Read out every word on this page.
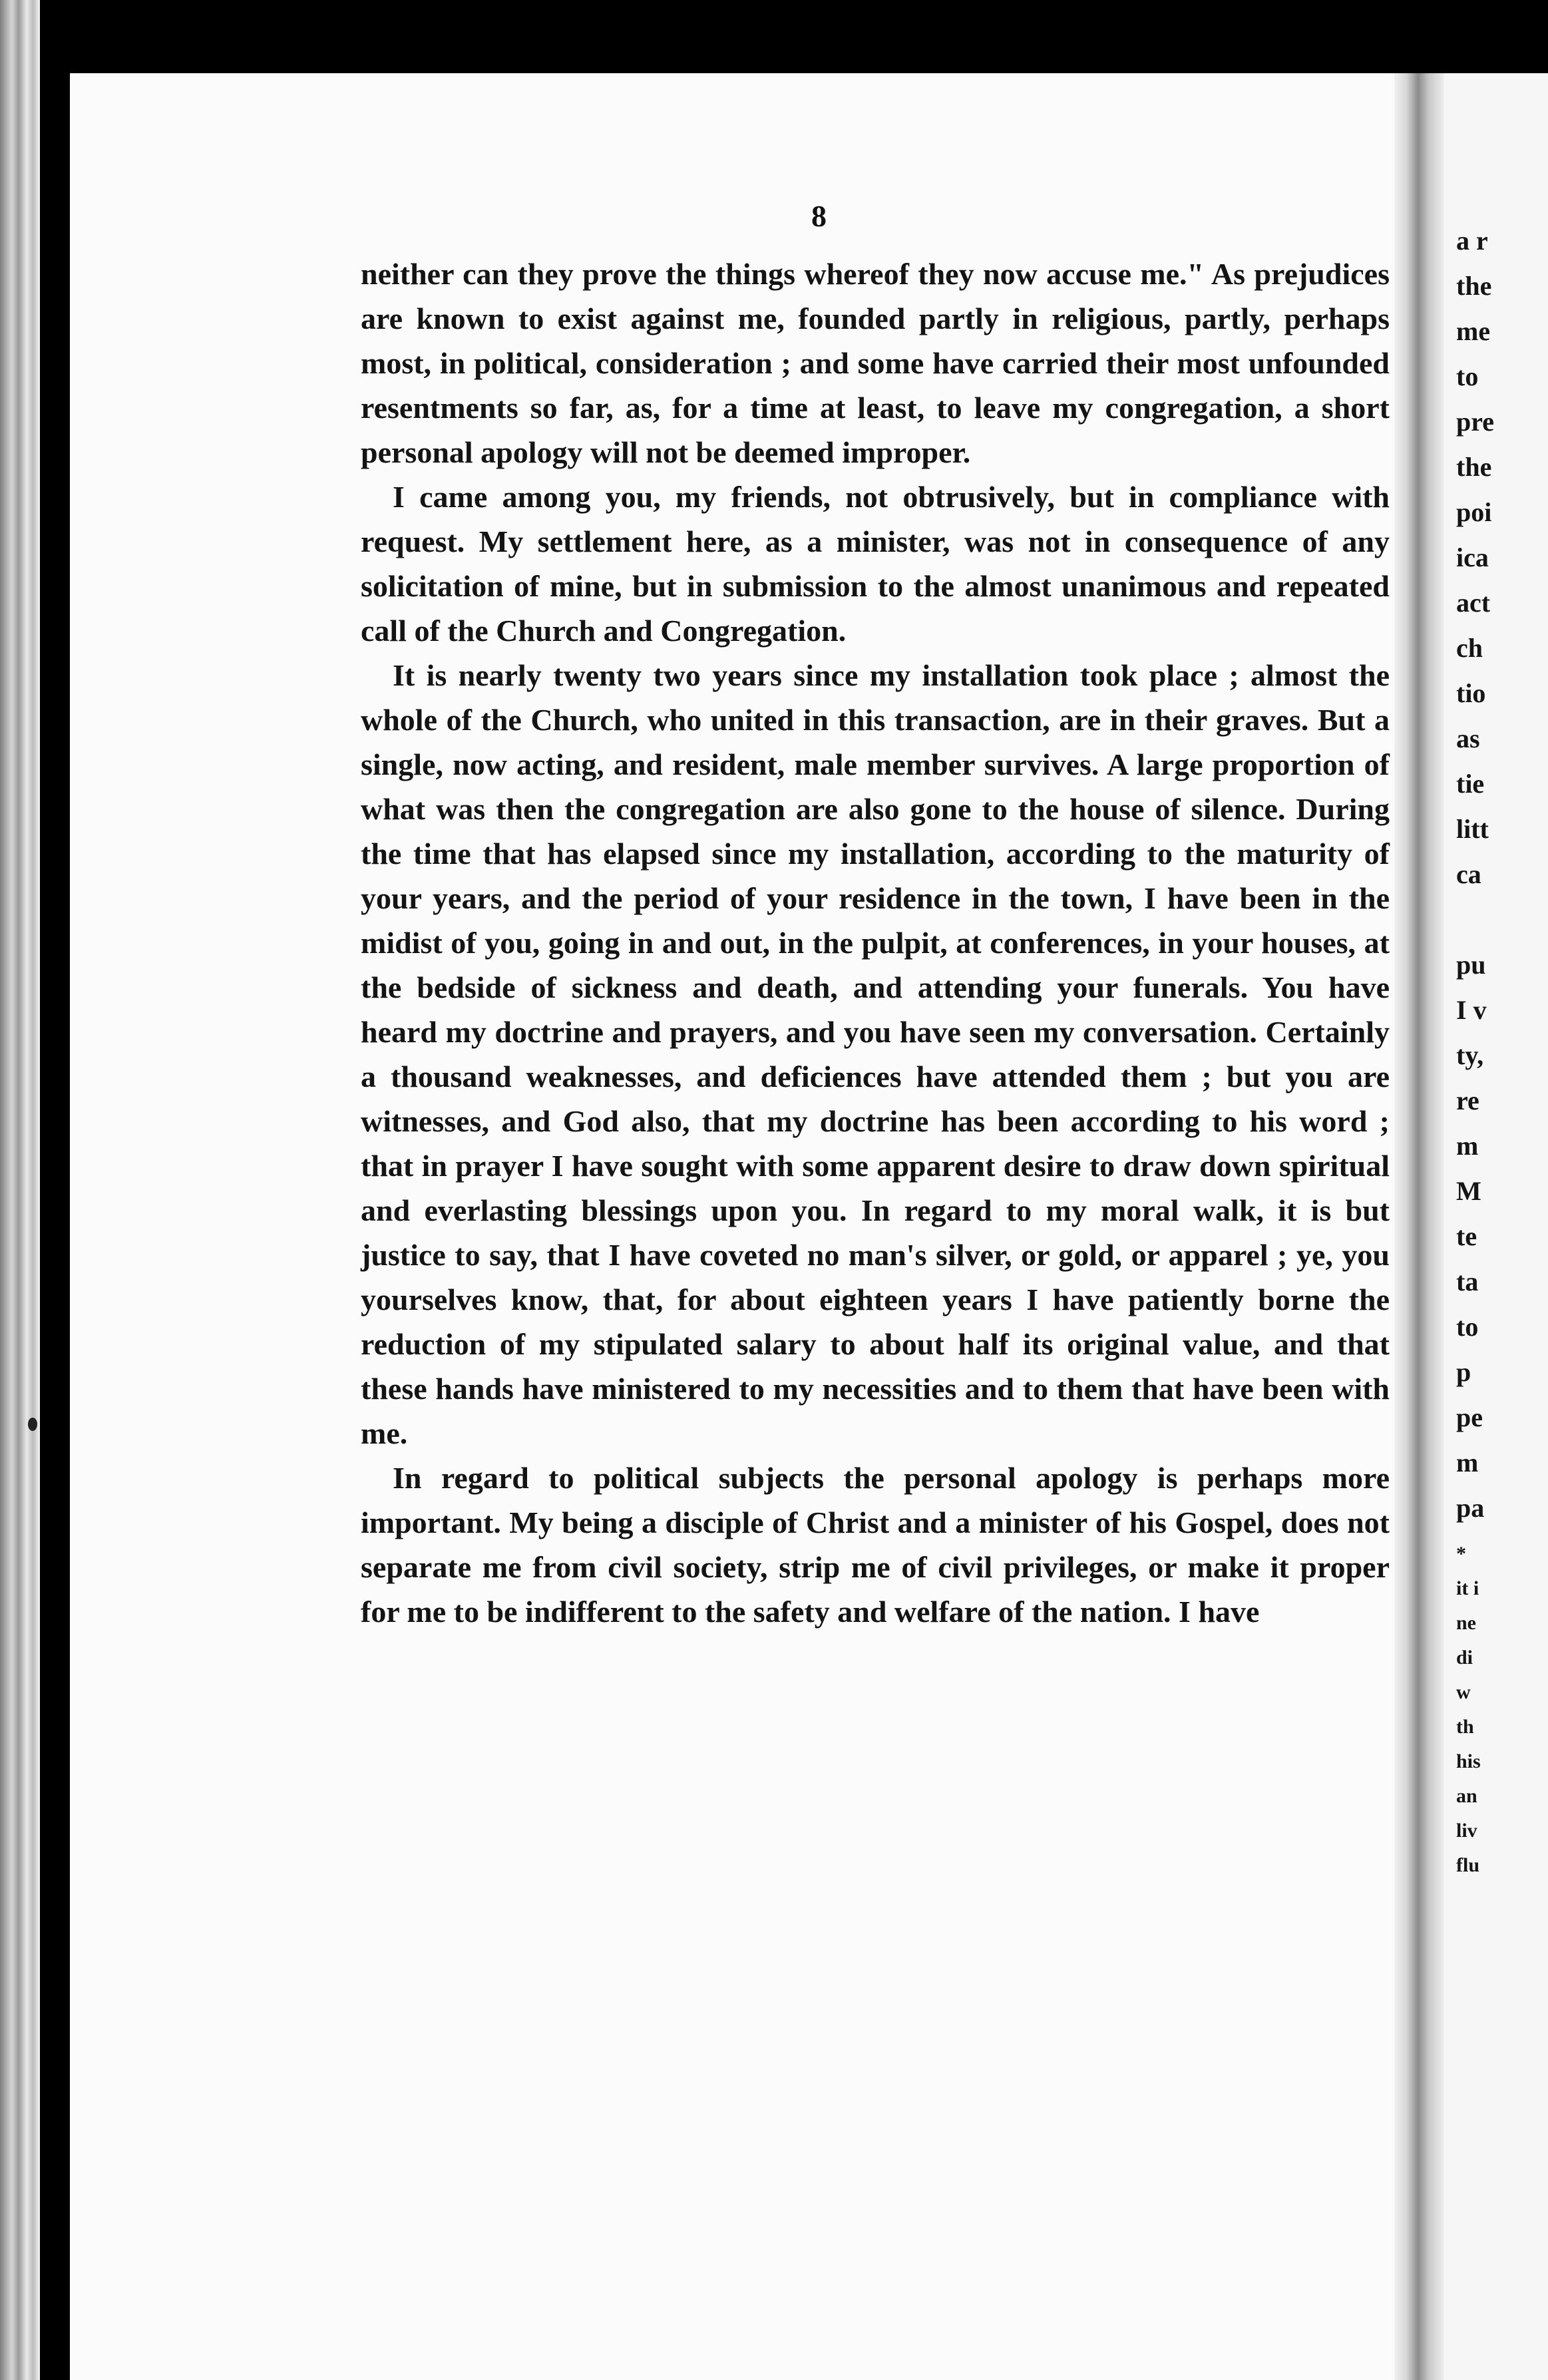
8

neither can they prove the things whereof they now accuse me." As prejudices are known to exist against me, founded partly in religious, partly, perhaps most, in political, consideration ; and some have carried their most unfounded resentments so far, as, for a time at least, to leave my congregation, a short personal apology will not be deemed improper.

I came among you, my friends, not obtrusively, but in compliance with request. My settlement here, as a minister, was not in consequence of any solicitation of mine, but in submission to the almost unanimous and repeated call of the Church and Congregation.

It is nearly twenty two years since my installation took place ; almost the whole of the Church, who united in this transaction, are in their graves. But a single, now acting, and resident, male member survives. A large proportion of what was then the congregation are also gone to the house of silence. During the time that has elapsed since my installation, according to the maturity of your years, and the period of your residence in the town, I have been in the midist of you, going in and out, in the pulpit, at conferences, in your houses, at the bedside of sickness and death, and attending your funerals. You have heard my doctrine and prayers, and you have seen my conversation. Certainly a thousand weaknesses, and deficiences have attended them ; but you are witnesses, and God also, that my doctrine has been according to his word ; that in prayer I have sought with some apparent desire to draw down spiritual and everlasting blessings upon you. In regard to my moral walk, it is but justice to say, that I have coveted no man's silver, or gold, or apparel ; ye, you yourselves know, that, for about eighteen years I have patiently borne the reduction of my stipulated salary to about half its original value, and that these hands have ministered to my necessities and to them that have been with me.

In regard to political subjects the personal apology is perhaps more important. My being a disciple of Christ and a minister of his Gospel, does not separate me from civil society, strip me of civil privileges, or make it proper for me to be indifferent to the safety and welfare of the nation. I have

a r
the
me
to
pre
the
poi
ica
act
ch
tio
as
tie
litt
ca
pu
I v
ty,
re
m
M
te
ta
to
p
pe
m
pa
*
it i
ne
di
w
th
his
an
liv
flu
